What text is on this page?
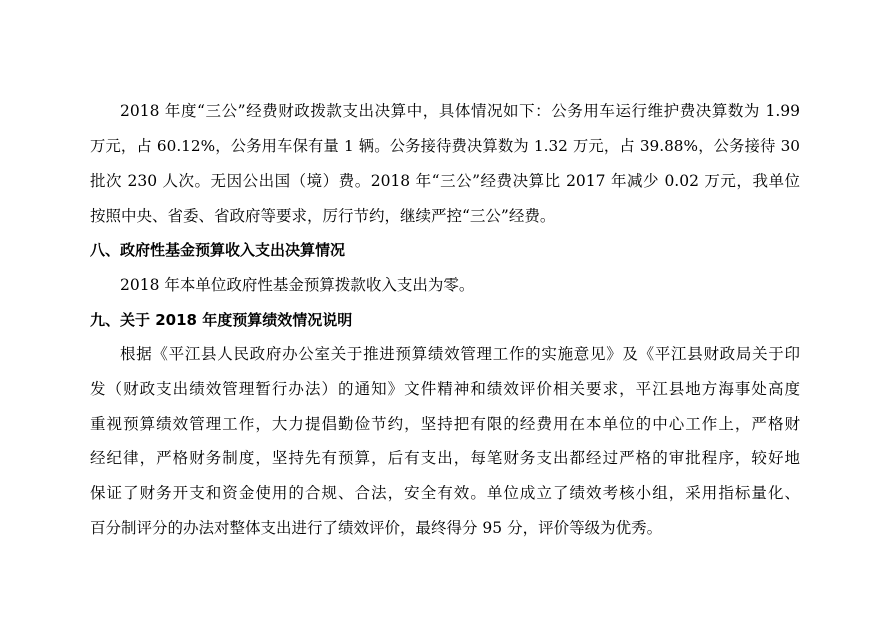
2018 年度“三公”经费财政拨款支出决算中，具体情况如下：公务用车运行维护费决算数为 1.99
万元，占 60.12%，公务用车保有量 1 辆。公务接待费决算数为 1.32 万元，占 39.88%，公务接待 30
批次 230 人次。无因公出国（境）费。2018 年“三公”经费决算比 2017 年减少 0.02 万元，我单位
按照中央、省委、省政府等要求，厉行节约，继续严控“三公”经费。
八、政府性基金预算收入支出决算情况
2018 年本单位政府性基金预算拨款收入支出为零。
九、关于 2018 年度预算绩效情况说明
根据《平江县人民政府办公室关于推进预算绩效管理工作的实施意见》及《平江县财政局关于印
发（财政支出绩效管理暂行办法）的通知》文件精神和绩效评价相关要求，平江县地方海事处高度
重视预算绩效管理工作，大力提倡勤俭节约，坚持把有限的经费用在本单位的中心工作上，严格财
经纪律，严格财务制度，坚持先有预算，后有支出，每笔财务支出都经过严格的审批程序，较好地
保证了财务开支和资金使用的合规、合法，安全有效。单位成立了绩效考核小组，采用指标量化、
百分制评分的办法对整体支出进行了绩效评价，最终得分 95 分，评价等级为优秀。
